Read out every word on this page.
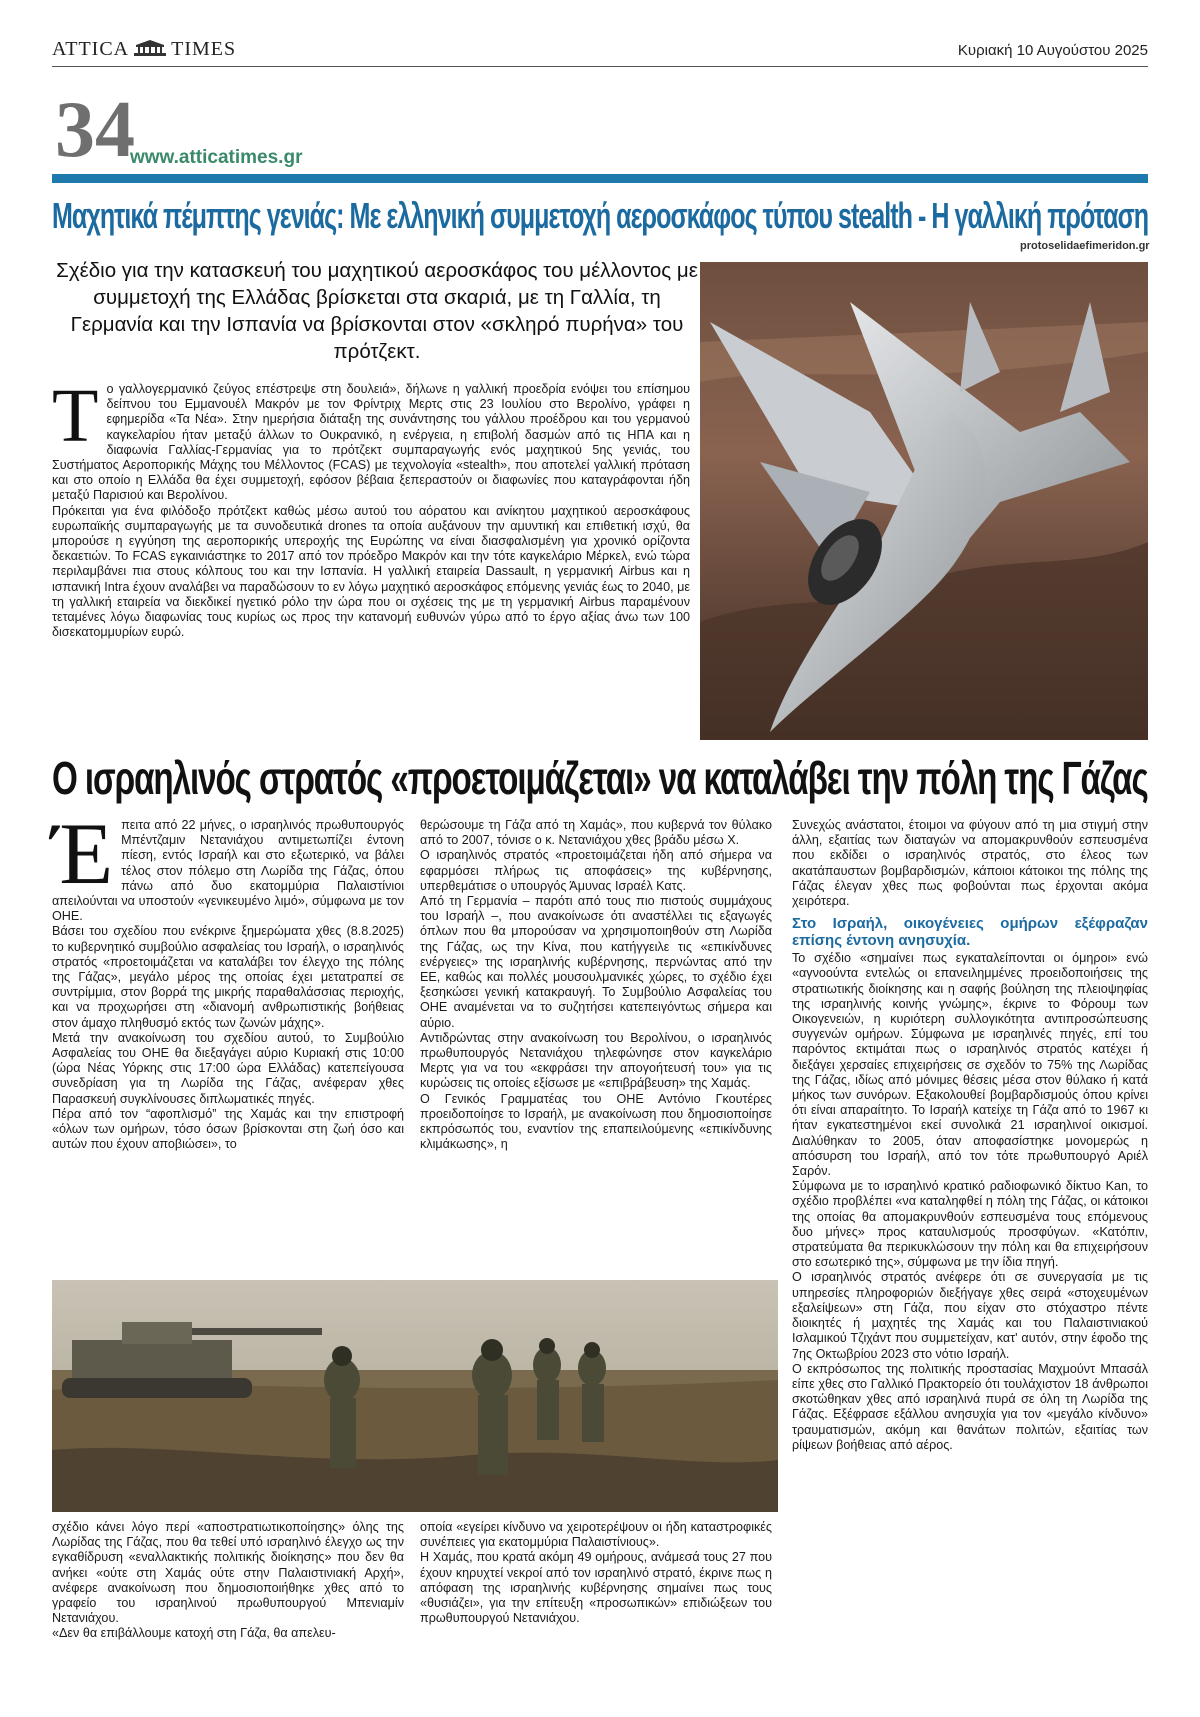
ATTICA TIMES	Κυριακή 10 Αυγούστου 2025
34
www.atticatimes.gr
Μαχητικά πέμπτης γενιάς: Με ελληνική συμμετοχή αεροσκάφος τύπου stealth - Η γαλλική πρόταση
protoselidaefimeridon.gr
Σχέδιο για την κατασκευή του μαχητικού αεροσκάφος του μέλλοντος με συμμετοχή της Ελλάδας βρίσκεται στα σκαριά, με τη Γαλλία, τη Γερμανία και την Ισπανία να βρίσκονται στον «σκληρό πυρήνα» του πρότζεκτ.
Τ ο γαλλογερμανικό ζεύγος επέστρεψε στη δουλειά», δήλωνε η γαλλική προεδρία ενόψει του επίσημου δείπνου του Εμμανουέλ Μακρόν με τον Φρίντριχ Μερτς στις 23 Ιουλίου στο Βερολίνο, γράφει η εφημερίδα «Τα Νέα». Στην ημερήσια διάταξη της συνάντησης του γάλλου προέδρου και του γερμανού καγκελαρίου ήταν μεταξύ άλλων το Ουκρανικό, η ενέργεια, η επιβολή δασμών από τις ΗΠΑ και η διαφωνία Γαλλίας-Γερμανίας για το πρότζεκτ συμπαραγωγής ενός μαχητικού 5ης γενιάς, του Συστήματος Αεροπορικής Μάχης του Μέλλοντος (FCAS) με τεχνολογία «stealth», που αποτελεί γαλλική πρόταση και στο οποίο η Ελλάδα θα έχει συμμετοχή, εφόσον βέβαια ξεπεραστούν οι διαφωνίες που καταγράφονται ήδη μεταξύ Παρισιού και Βερολίνου.

Πρόκειται για ένα φιλόδοξο πρότζεκτ καθώς μέσω αυτού του αόρατου και ανίκητου μαχητικού αεροσκάφους ευρωπαϊκής συμπαραγωγής με τα συνοδευτικά drones τα οποία αυξάνουν την αμυντική και επιθετική ισχύ, θα μπορούσε η εγγύηση της αεροπορικής υπεροχής της Ευρώπης να είναι διασφαλισμένη για χρονικό ορίζοντα δεκαετιών. Το FCAS εγκαινιάστηκε το 2017 από τον πρόεδρο Μακρόν και την τότε καγκελάριο Μέρκελ, ενώ τώρα περιλαμβάνει πια στους κόλπους του και την Ισπανία. Η γαλλική εταιρεία Dassault, η γερμανική Airbus και η ισπανική Intra έχουν αναλάβει να παραδώσουν το εν λόγω μαχητικό αεροσκάφος επόμενης γενιάς έως το 2040, με τη γαλλική εταιρεία να διεκδικεί ηγετικό ρόλο την ώρα που οι σχέσεις της με τη γερμανική Airbus παραμένουν τεταμένες λόγω διαφωνίας τους κυρίως ως προς την κατανομή ευθυνών γύρω από το έργο αξίας άνω των 100 δισεκατομμυρίων ευρώ.

Ο ισραηλινός στρατός «προετοιμάζεται» να καταλάβει την πόλη της Γάζας
Έ πειτα από 22 μήνες, ο ισραηλινός πρωθυπουργός Μπέντζαμιν Νετανιάχου αντιμετωπίζει έντονη πίεση, εντός Ισραήλ και στο εξωτερικό, να βάλει τέλος στον πόλεμο στη Λωρίδα της Γάζας, όπου πάνω από δυο εκατομμύρια Παλαιστίνιοι απειλούνται να υποστούν «γενικευμένο λιμό», σύμφωνα με τον ΟΗΕ.

Βάσει του σχεδίου που ενέκρινε ξημερώματα χθες (8.8.2025) το κυβερνητικό συμβούλιο ασφαλείας του Ισραήλ, ο ισραηλινός στρατός «προετοιμάζεται να καταλάβει τον έλεγχο της πόλης της Γάζας», μεγάλο μέρος της οποίας έχει μετατραπεί σε συντρίμμια, στον βορρά της μικρής παραθαλάσσιας περιοχής, και να προχωρήσει στη «διανομή ανθρωπιστικής βοήθειας στον άμαχο πληθυσμό εκτός των ζωνών μάχης».

Μετά την ανακοίνωση του σχεδίου αυτού, το Συμβούλιο Ασφαλείας του ΟΗΕ θα διεξαγάγει αύριο Κυριακή στις 10:00 (ώρα Νέας Υόρκης στις 17:00 ώρα Ελλάδας) κατεπείγουσα συνεδρίαση για τη Λωρίδα της Γάζας, ανέφεραν χθες Παρασκευή συγκλίνουσες διπλωματικές πηγές.

Πέρα από τον “αφοπλισμό” της Χαμάς και την επιστροφή «όλων των ομήρων, τόσο όσων βρίσκονται στη ζωή όσο και αυτών που έχουν αποβιώσει», το

θερώσουμε τη Γάζα από τη Χαμάς», που κυβερνά τον θύλακο από το 2007, τόνισε ο κ. Νετανιάχου χθες βράδυ μέσω Χ.

Ο ισραηλινός στρατός «προετοιμάζεται ήδη από σήμερα να εφαρμόσει πλήρως τις αποφάσεις» της κυβέρνησης, υπερθεμάτισε ο υπουργός Άμυνας Ισραέλ Κατς.

Από τη Γερμανία – παρότι από τους πιο πιστούς συμμάχους του Ισραήλ –, που ανακοίνωσε ότι αναστέλλει τις εξαγωγές όπλων που θα μπορούσαν να χρησιμοποιηθούν στη Λωρίδα της Γάζας, ως την Κίνα, που κατήγγειλε τις «επικίνδυνες ενέργειες» της ισραηλινής κυβέρνησης, περνώντας από την ΕΕ, καθώς και πολλές μουσουλμανικές χώρες, το σχέδιο έχει ξεσηκώσει γενική κατακραυγή. Το Συμβούλιο Ασφαλείας του ΟΗΕ αναμένεται να το συζητήσει κατεπειγόντως σήμερα και αύριο.

Αντιδρώντας στην ανακοίνωση του Βερολίνου, ο ισραηλινός πρωθυπουργός Νετανιάχου τηλεφώνησε στον καγκελάριο Μερτς για να του «εκφράσει την απογοήτευσή του» για τις κυρώσεις τις οποίες εξίσωσε με «επιβράβευση» της Χαμάς.

Ο Γενικός Γραμματέας του ΟΗΕ Αντόνιο Γκουτέρες προειδοποίησε το Ισραήλ, με ανακοίνωση που δημοσιοποίησε εκπρόσωπός του, εναντίον της επαπειλούμενης «επικίνδυνης κλιμάκωσης», η

Συνεχώς ανάστατοι, έτοιμοι να φύγουν από τη μια στιγμή στην άλλη, εξαιτίας των διαταγών να απομακρυνθούν εσπευσμένα που εκδίδει ο ισραηλινός στρατός, στο έλεος των ακατάπαυστων βομβαρδισμών, κάποιοι κάτοικοι της πόλης της Γάζας έλεγαν χθες πως φοβούνται πως έρχονται ακόμα χειρότερα.

Στο Ισραήλ, οικογένειες ομήρων εξέφραζαν επίσης έντονη ανησυχία.

Το σχέδιο «σημαίνει πως εγκαταλείπονται οι όμηροι» ενώ «αγνοούντα εντελώς οι επανειλημμένες προειδοποιήσεις της στρατιωτικής διοίκησης και η σαφής βούληση της πλειοψηφίας της ισραηλινής κοινής γνώμης», έκρινε το Φόρουμ των Οικογενειών, η κυριότερη συλλογικότητα αντιπροσώπευσης συγγενών ομήρων. Σύμφωνα με ισραηλινές πηγές, επί του παρόντος εκτιμάται πως ο ισραηλινός στρατός κατέχει ή διεξάγει χερσαίες επιχειρήσεις σε σχεδόν το 75% της Λωρίδας της Γάζας, ιδίως από μόνιμες θέσεις μέσα στον θύλακο ή κατά μήκος των συνόρων. Εξακολουθεί βομβαρδισμούς όπου κρίνει ότι είναι απαραίτητο. Το Ισραήλ κατείχε τη Γάζα από το 1967 κι ήταν εγκατεστημένοι εκεί συνολικά 21 ισραηλινοί οικισμοί. Διαλύθηκαν το 2005, όταν αποφασίστηκε μονομερώς η απόσυρση του Ισραήλ, από τον τότε πρωθυπουργό Αριέλ Σαρόν.

Σύμφωνα με το ισραηλινό κρατικό ραδιοφωνικό δίκτυο Kan, το σχέδιο προβλέπει «να καταληφθεί η πόλη της Γάζας, οι κάτοικοι της οποίας θα απομακρυνθούν εσπευσμένα τους επόμενους δυο μήνες» προς καταυλισμούς προσφύγων. «Κατόπιν, στρατεύματα θα περικυκλώσουν την πόλη και θα επιχειρήσουν στο εσωτερικό της», σύμφωνα με την ίδια πηγή.

Ο ισραηλινός στρατός ανέφερε ότι σε συνεργασία με τις υπηρεσίες πληροφοριών διεξήγαγε χθες σειρά «στοχευμένων εξαλείψεων» στη Γάζα, που είχαν στο στόχαστρο πέντε διοικητές ή μαχητές της Χαμάς και του Παλαιστινιακού Ισλαμικού Τζιχάντ που συμμετείχαν, κατ' αυτόν, στην έφοδο της 7ης Οκτωβρίου 2023 στο νότιο Ισραήλ.

Ο εκπρόσωπος της πολιτικής προστασίας Μαχμούντ Μπασάλ είπε χθες στο Γαλλικό Πρακτορείο ότι τουλάχιστον 18 άνθρωποι σκοτώθηκαν χθες από ισραηλινά πυρά σε όλη τη Λωρίδα της Γάζας. Εξέφρασε εξάλλου ανησυχία για τον «μεγάλο κίνδυνο» τραυματισμών, ακόμη και θανάτων πολιτών, εξαιτίας των ρίψεων βοήθειας από αέρος.

σχέδιο κάνει λόγο περί «αποστρατιωτικοποίησης» όλης της Λωρίδας της Γάζας, που θα τεθεί υπό ισραηλινό έλεγχο ως την εγκαθίδρυση «εναλλακτικής πολιτικής διοίκησης» που δεν θα ανήκει «ούτε στη Χαμάς ούτε στην Παλαιστινιακή Αρχή», ανέφερε ανακοίνωση που δημοσιοποιήθηκε χθες από το γραφείο του ισραηλινού πρωθυπουργού Μπενιαμίν Νετανιάχου.

«Δεν θα επιβάλλουμε κατοχή στη Γάζα, θα απελευ-

οποία «εγείρει κίνδυνο να χειροτερέψουν οι ήδη καταστροφικές συνέπειες για εκατομμύρια Παλαιστίνιους».

Η Χαμάς, που κρατά ακόμη 49 ομήρους, ανάμεσά τους 27 που έχουν κηρυχτεί νεκροί από τον ισραηλινό στρατό, έκρινε πως η απόφαση της ισραηλινής κυβέρνησης σημαίνει πως τους «θυσιάζει», για την επίτευξη «προσωπικών» επιδιώξεων του πρωθυπουργού Νετανιάχου.
